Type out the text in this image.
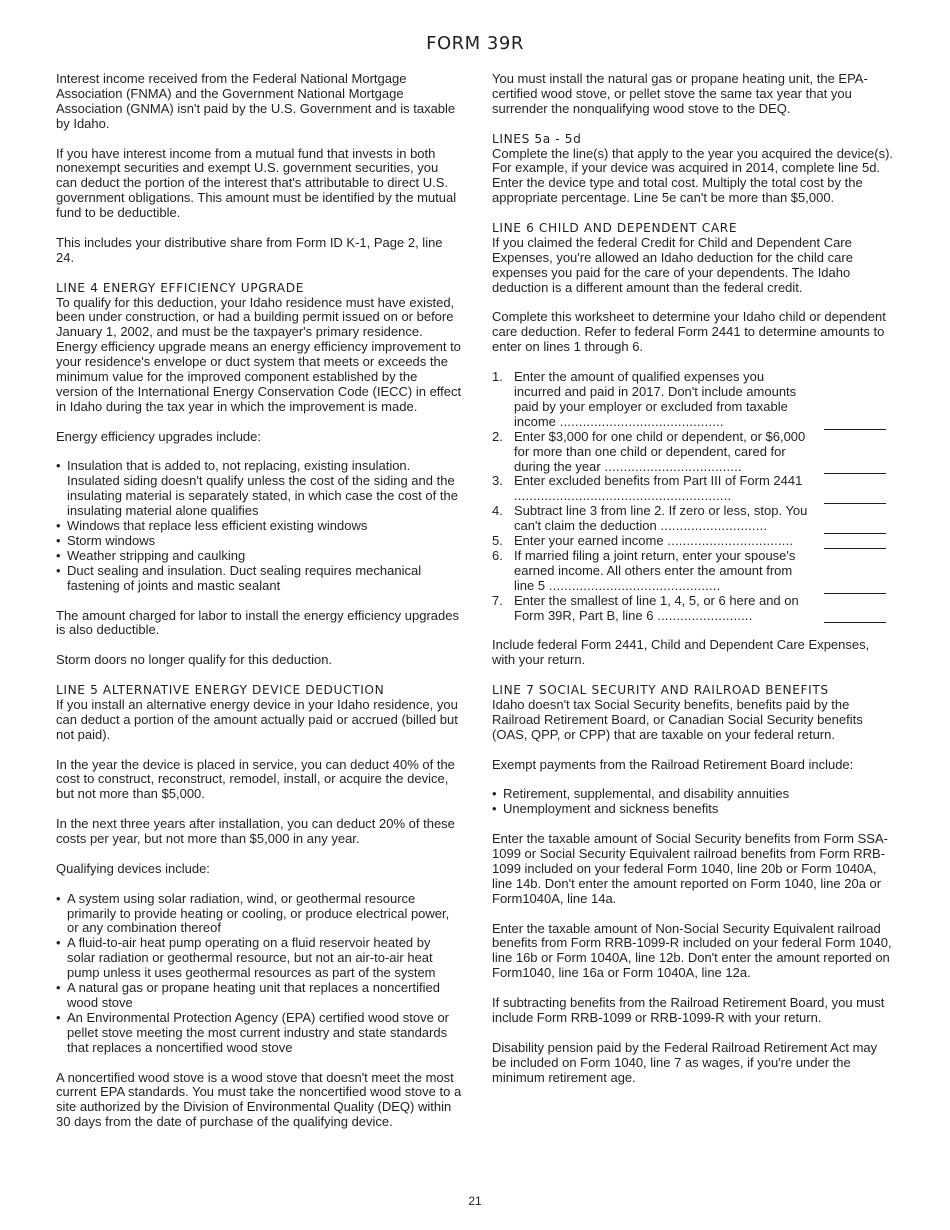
FORM 39R

Interest income received from the Federal National Mortgage Association (FNMA) and the Government National Mortgage Association (GNMA) isn't paid by the U.S. Government and is taxable by Idaho.

If you have interest income from a mutual fund that invests in both nonexempt securities and exempt U.S. government securities, you can deduct the portion of the interest that's attributable to direct U.S. government obligations. This amount must be identified by the mutual fund to be deductible.

This includes your distributive share from Form ID K-1, Page 2, line 24.

LINE 4 ENERGY EFFICIENCY UPGRADE
To qualify for this deduction, your Idaho residence must have existed, been under construction, or had a building permit issued on or before January 1, 2002, and must be the taxpayer's primary residence. Energy efficiency upgrade means an energy efficiency improvement to your residence's envelope or duct system that meets or exceeds the minimum value for the improved component established by the version of the International Energy Conservation Code (IECC) in effect in Idaho during the tax year in which the improvement is made.

Energy efficiency upgrades include:

• Insulation that is added to, not replacing, existing insulation. Insulated siding doesn't qualify unless the cost of the siding and the insulating material is separately stated, in which case the cost of the insulating material alone qualifies
• Windows that replace less efficient existing windows
• Storm windows
• Weather stripping and caulking
• Duct sealing and insulation. Duct sealing requires mechanical fastening of joints and mastic sealant

The amount charged for labor to install the energy efficiency upgrades is also deductible.

Storm doors no longer qualify for this deduction.

LINE 5 ALTERNATIVE ENERGY DEVICE DEDUCTION
If you install an alternative energy device in your Idaho residence, you can deduct a portion of the amount actually paid or accrued (billed but not paid).

In the year the device is placed in service, you can deduct 40% of the cost to construct, reconstruct, remodel, install, or acquire the device, but not more than $5,000.

In the next three years after installation, you can deduct 20% of these costs per year, but not more than $5,000 in any year.

Qualifying devices include:

• A system using solar radiation, wind, or geothermal resource primarily to provide heating or cooling, or produce electrical power, or any combination thereof
• A fluid-to-air heat pump operating on a fluid reservoir heated by solar radiation or geothermal resource, but not an air-to-air heat pump unless it uses geothermal resources as part of the system
• A natural gas or propane heating unit that replaces a noncertified wood stove
• An Environmental Protection Agency (EPA) certified wood stove or pellet stove meeting the most current industry and state standards that replaces a noncertified wood stove

A noncertified wood stove is a wood stove that doesn't meet the most current EPA standards. You must take the noncertified wood stove to a site authorized by the Division of Environmental Quality (DEQ) within 30 days from the date of purchase of the qualifying device.

You must install the natural gas or propane heating unit, the EPA-certified wood stove, or pellet stove the same tax year that you surrender the nonqualifying wood stove to the DEQ.

LINES 5a - 5d
Complete the line(s) that apply to the year you acquired the device(s). For example, if your device was acquired in 2014, complete line 5d. Enter the device type and total cost. Multiply the total cost by the appropriate percentage. Line 5e can't be more than $5,000.

LINE 6 CHILD AND DEPENDENT CARE
If you claimed the federal Credit for Child and Dependent Care Expenses, you're allowed an Idaho deduction for the child care expenses you paid for the care of your dependents. The Idaho deduction is a different amount than the federal credit.

Complete this worksheet to determine your Idaho child or dependent care deduction. Refer to federal Form 2441 to determine amounts to enter on lines 1 through 6.

1. Enter the amount of qualified expenses you incurred and paid in 2017. Don't include amounts paid by your employer or excluded from taxable income ...........................................
2. Enter $3,000 for one child or dependent, or $6,000 for more than one child or dependent, cared for during the year ....................................
3. Enter excluded benefits from Part III of Form 2441 .........................................................
4. Subtract line 3 from line 2. If zero or less, stop. You can't claim the deduction ............................
5. Enter your earned income .................................
6. If married filing a joint return, enter your spouse's earned income. All others enter the amount from line 5 .............................................
7. Enter the smallest of line 1, 4, 5, or 6 here and on Form 39R, Part B, line 6 .........................

Include federal Form 2441, Child and Dependent Care Expenses, with your return.

LINE 7 SOCIAL SECURITY AND RAILROAD BENEFITS
Idaho doesn't tax Social Security benefits, benefits paid by the Railroad Retirement Board, or Canadian Social Security benefits (OAS, QPP, or CPP) that are taxable on your federal return.

Exempt payments from the Railroad Retirement Board include:

• Retirement, supplemental, and disability annuities
• Unemployment and sickness benefits

Enter the taxable amount of Social Security benefits from Form SSA-1099 or Social Security Equivalent railroad benefits from Form RRB-1099 included on your federal Form 1040, line 20b or Form 1040A, line 14b. Don't enter the amount reported on Form 1040, line 20a or Form1040A, line 14a.

Enter the taxable amount of Non-Social Security Equivalent railroad benefits from Form RRB-1099-R included on your federal Form 1040, line 16b or Form 1040A, line 12b. Don't enter the amount reported on Form1040, line 16a or Form 1040A, line 12a.

If subtracting benefits from the Railroad Retirement Board, you must include Form RRB-1099 or RRB-1099-R with your return.

Disability pension paid by the Federal Railroad Retirement Act may be included on Form 1040, line 7 as wages, if you're under the minimum retirement age.

21
